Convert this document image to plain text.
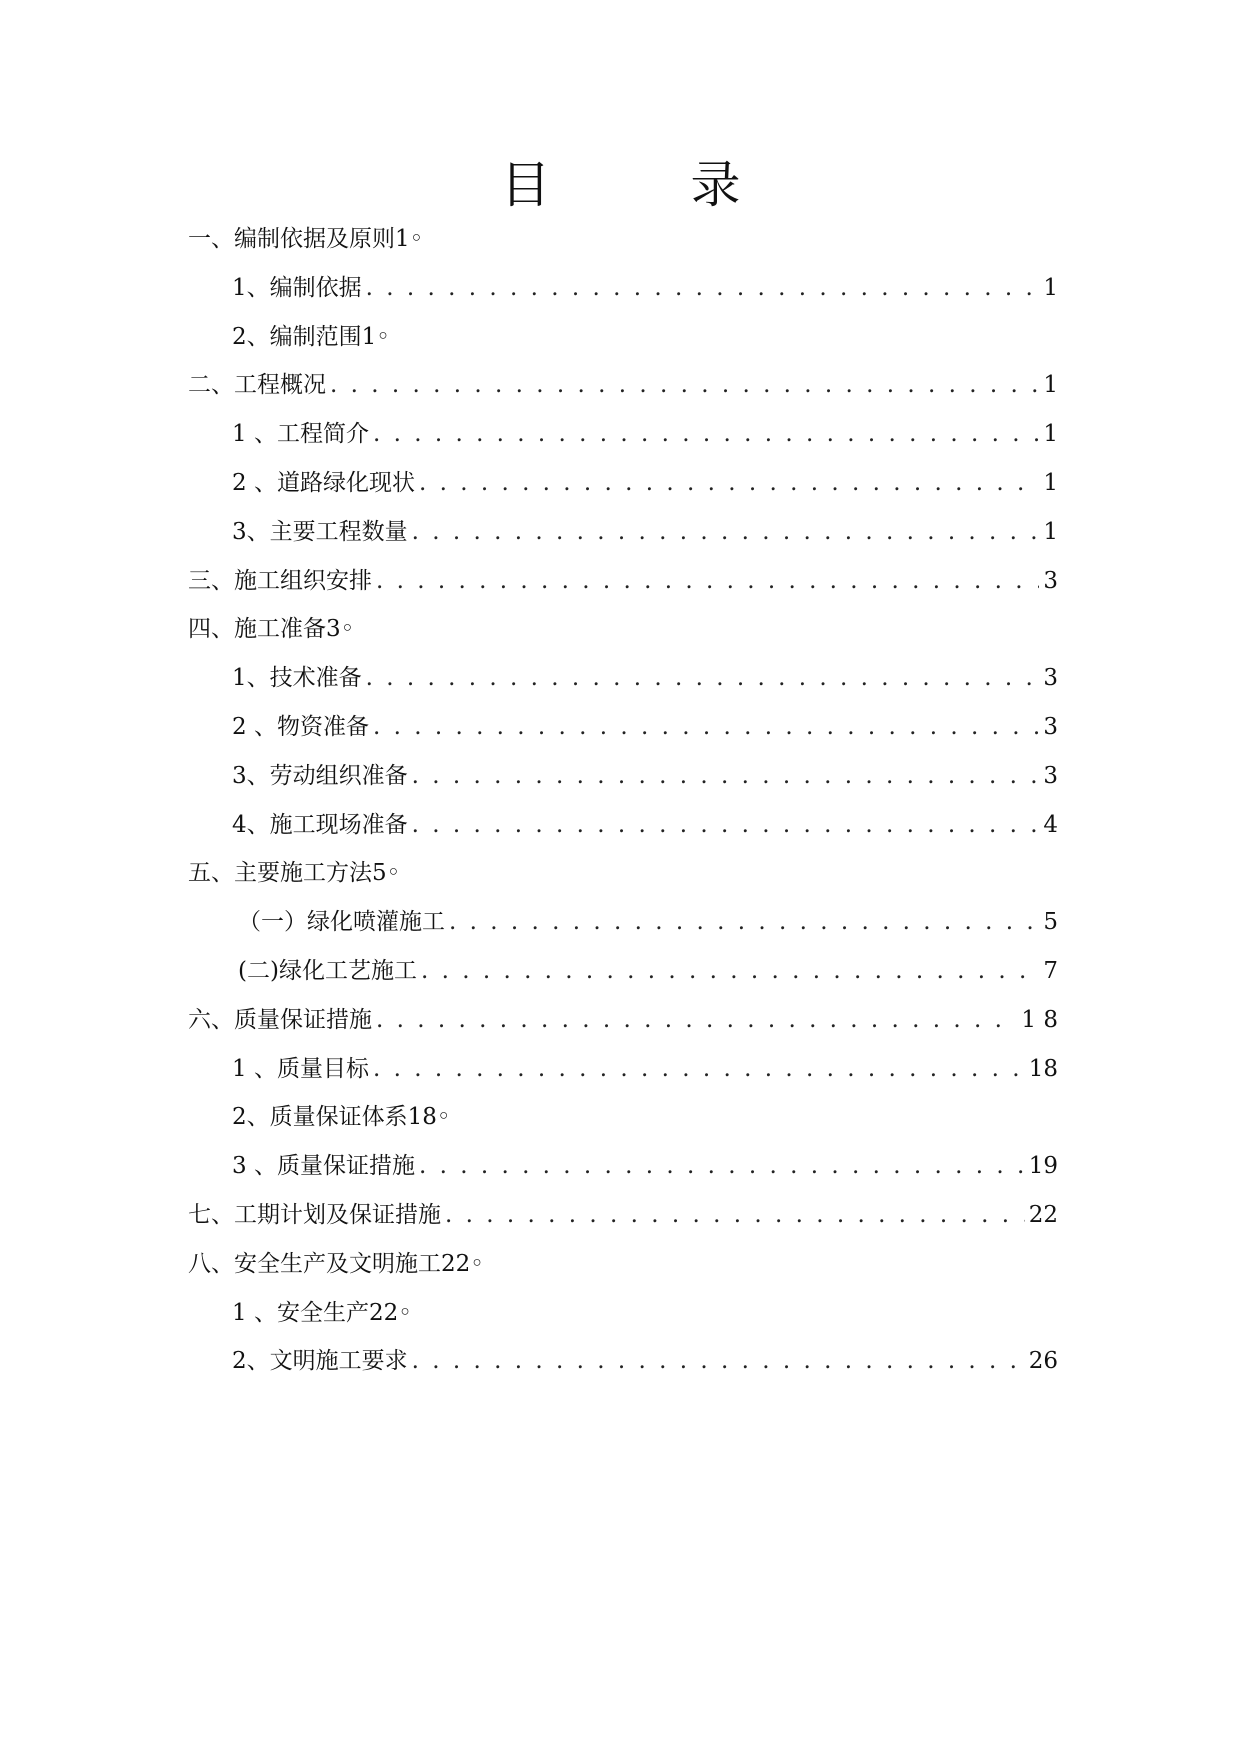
目 录
一、编制依据及原则1◦
1、编制依据 . . .	1
2、编制范围1◦
二、工程概况 . . .	1
1 、工程简介 . . .	1
2 、道路绿化现状 . . .	1
3、主要工程数量 . . .	1
三、施工组织安排 . . .	3
四、施工准备3◦
1、技术准备 . . .	3
2 、物资准备 . . .	3
3、劳动组织准备 . . .	3
4、施工现场准备 . . .	4
五、主要施工方法5◦
（一）绿化喷灌施工 . . .	5
(二)绿化工艺施工 . . .	7
六、质量保证措施 . . .	1 8
1 、质量目标 . . .	18
2、质量保证体系18◦
3 、质量保证措施 . . .	19
七、工期计划及保证措施 . . .	22
八、安全生产及文明施工22◦
1 、安全生产22◦
2、文明施工要求 . . .	26
